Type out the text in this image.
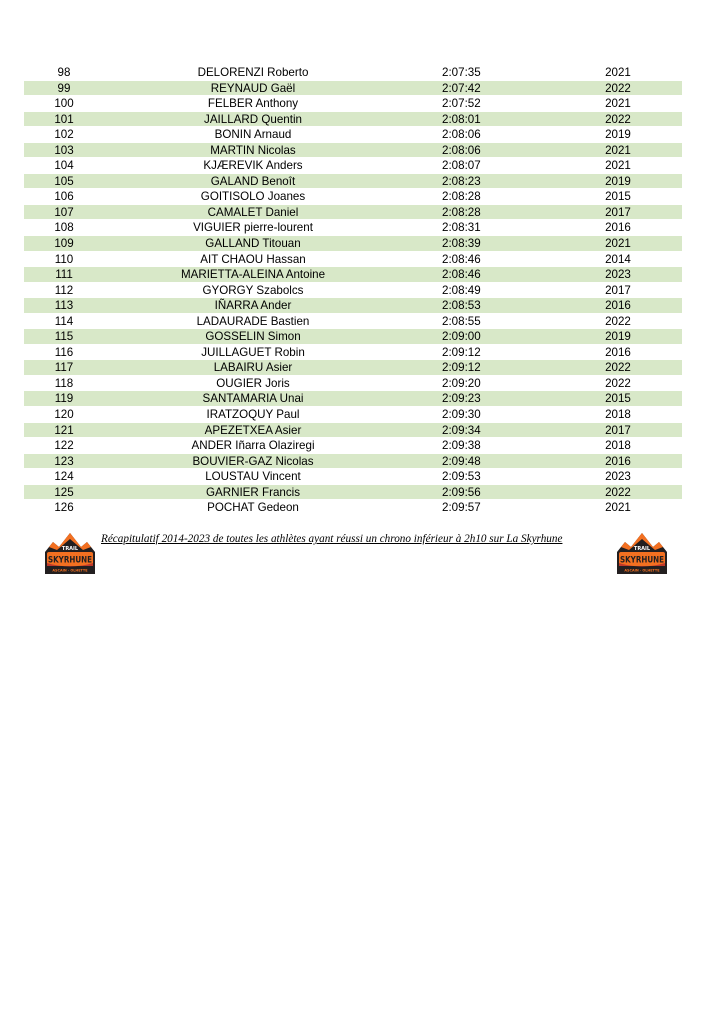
98	DELORENZI Roberto	2:07:35	2021
99	REYNAUD Gaël	2:07:42	2022
100	FELBER Anthony	2:07:52	2021
101	JAILLARD Quentin	2:08:01	2022
102	BONIN Arnaud	2:08:06	2019
103	MARTIN Nicolas	2:08:06	2021
104	KJÆREVIK Anders	2:08:07	2021
105	GALAND Benoît	2:08:23	2019
106	GOITISOLO Joanes	2:08:28	2015
107	CAMALET Daniel	2:08:28	2017
108	VIGUIER pierre-lourent	2:08:31	2016
109	GALLAND Titouan	2:08:39	2021
110	AIT CHAOU Hassan	2:08:46	2014
111	MARIETTA-ALEINA Antoine	2:08:46	2023
112	GYORGY Szabolcs	2:08:49	2017
113	IÑARRA Ander	2:08:53	2016
114	LADAURADE Bastien	2:08:55	2022
115	GOSSELIN Simon	2:09:00	2019
116	JUILLAGUET Robin	2:09:12	2016
117	LABAIRU Asier	2:09:12	2022
118	OUGIER Joris	2:09:20	2022
119	SANTAMARIA Unai	2:09:23	2015
120	IRATZOQUY Paul	2:09:30	2018
121	APEZETXEA Asier	2:09:34	2017
122	ANDER Iñarra Olaziregi	2:09:38	2018
123	BOUVIER-GAZ Nicolas	2:09:48	2016
124	LOUSTAU Vincent	2:09:53	2023
125	GARNIER Francis	2:09:56	2022
126	POCHAT Gedeon	2:09:57	2021
TRAIL
SKYRHUNE
ASCAIN · OLHETTE
Récapitulatif 2014-2023 de toutes les athlètes ayant réussi un chrono inférieur à 2h10 sur La Skyrhune
TRAIL
SKYRHUNE
ASCAIN · OLHETTE
